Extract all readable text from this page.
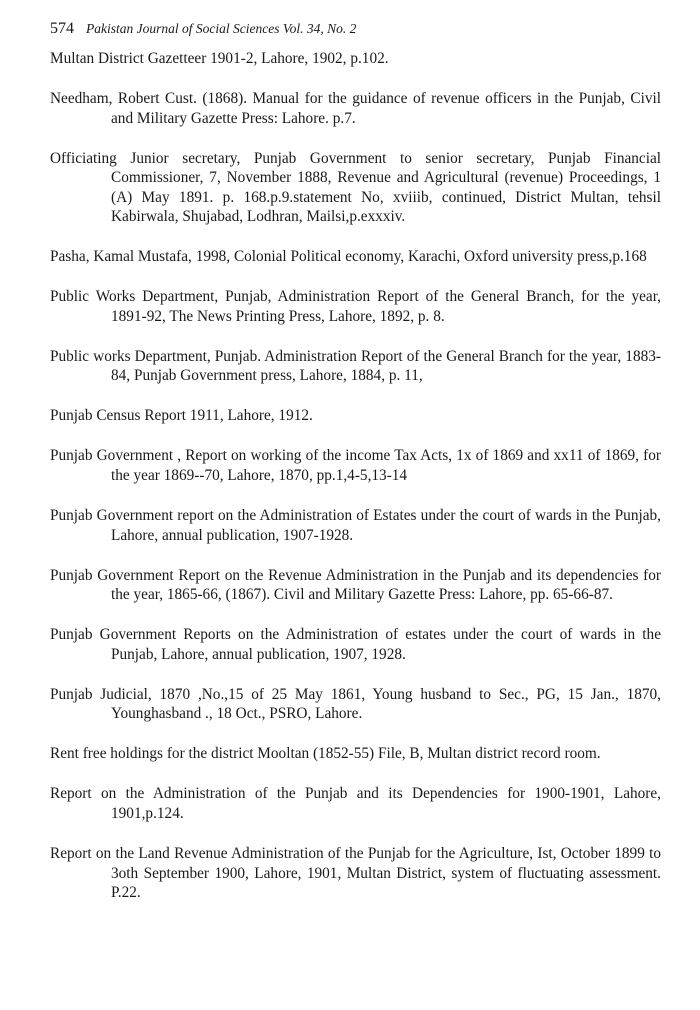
574 Pakistan Journal of Social Sciences Vol. 34, No. 2
Multan District Gazetteer 1901-2, Lahore, 1902, p.102.
Needham, Robert Cust. (1868). Manual for the guidance of revenue officers in the Punjab, Civil and Military Gazette Press: Lahore. p.7.
Officiating Junior secretary, Punjab Government to senior secretary, Punjab Financial Commissioner, 7, November 1888, Revenue and Agricultural (revenue) Proceedings, 1 (A) May 1891. p. 168.p.9.statement No, xviiib, continued, District Multan, tehsil Kabirwala, Shujabad, Lodhran, Mailsi,p.exxxiv.
Pasha, Kamal Mustafa, 1998, Colonial Political economy, Karachi, Oxford university press,p.168
Public Works Department, Punjab, Administration Report of the General Branch, for the year, 1891-92, The News Printing Press, Lahore, 1892, p. 8.
Public works Department, Punjab. Administration Report of the General Branch for the year, 1883-84, Punjab Government press, Lahore, 1884, p. 11,
Punjab Census Report 1911, Lahore, 1912.
Punjab Government , Report on working of the income Tax Acts, 1x of 1869 and xx11 of 1869, for the year 1869--70, Lahore, 1870, pp.1,4-5,13-14
Punjab Government report on the Administration of Estates under the court of wards in the Punjab, Lahore, annual publication, 1907-1928.
Punjab Government Report on the Revenue Administration in the Punjab and its dependencies for the year, 1865-66, (1867). Civil and Military Gazette Press: Lahore, pp. 65-66-87.
Punjab Government Reports on the Administration of estates under the court of wards in the Punjab, Lahore, annual publication, 1907, 1928.
Punjab Judicial, 1870 ,No.,15 of 25 May 1861, Young husband to Sec., PG, 15 Jan., 1870, Younghasband ., 18 Oct., PSRO, Lahore.
Rent free holdings for the district Mooltan (1852-55) File, B, Multan district record room.
Report on the Administration of the Punjab and its Dependencies for 1900-1901, Lahore, 1901,p.124.
Report on the Land Revenue Administration of the Punjab for the Agriculture, Ist, October 1899 to 3oth September 1900, Lahore, 1901, Multan District, system of fluctuating assessment. P.22.
